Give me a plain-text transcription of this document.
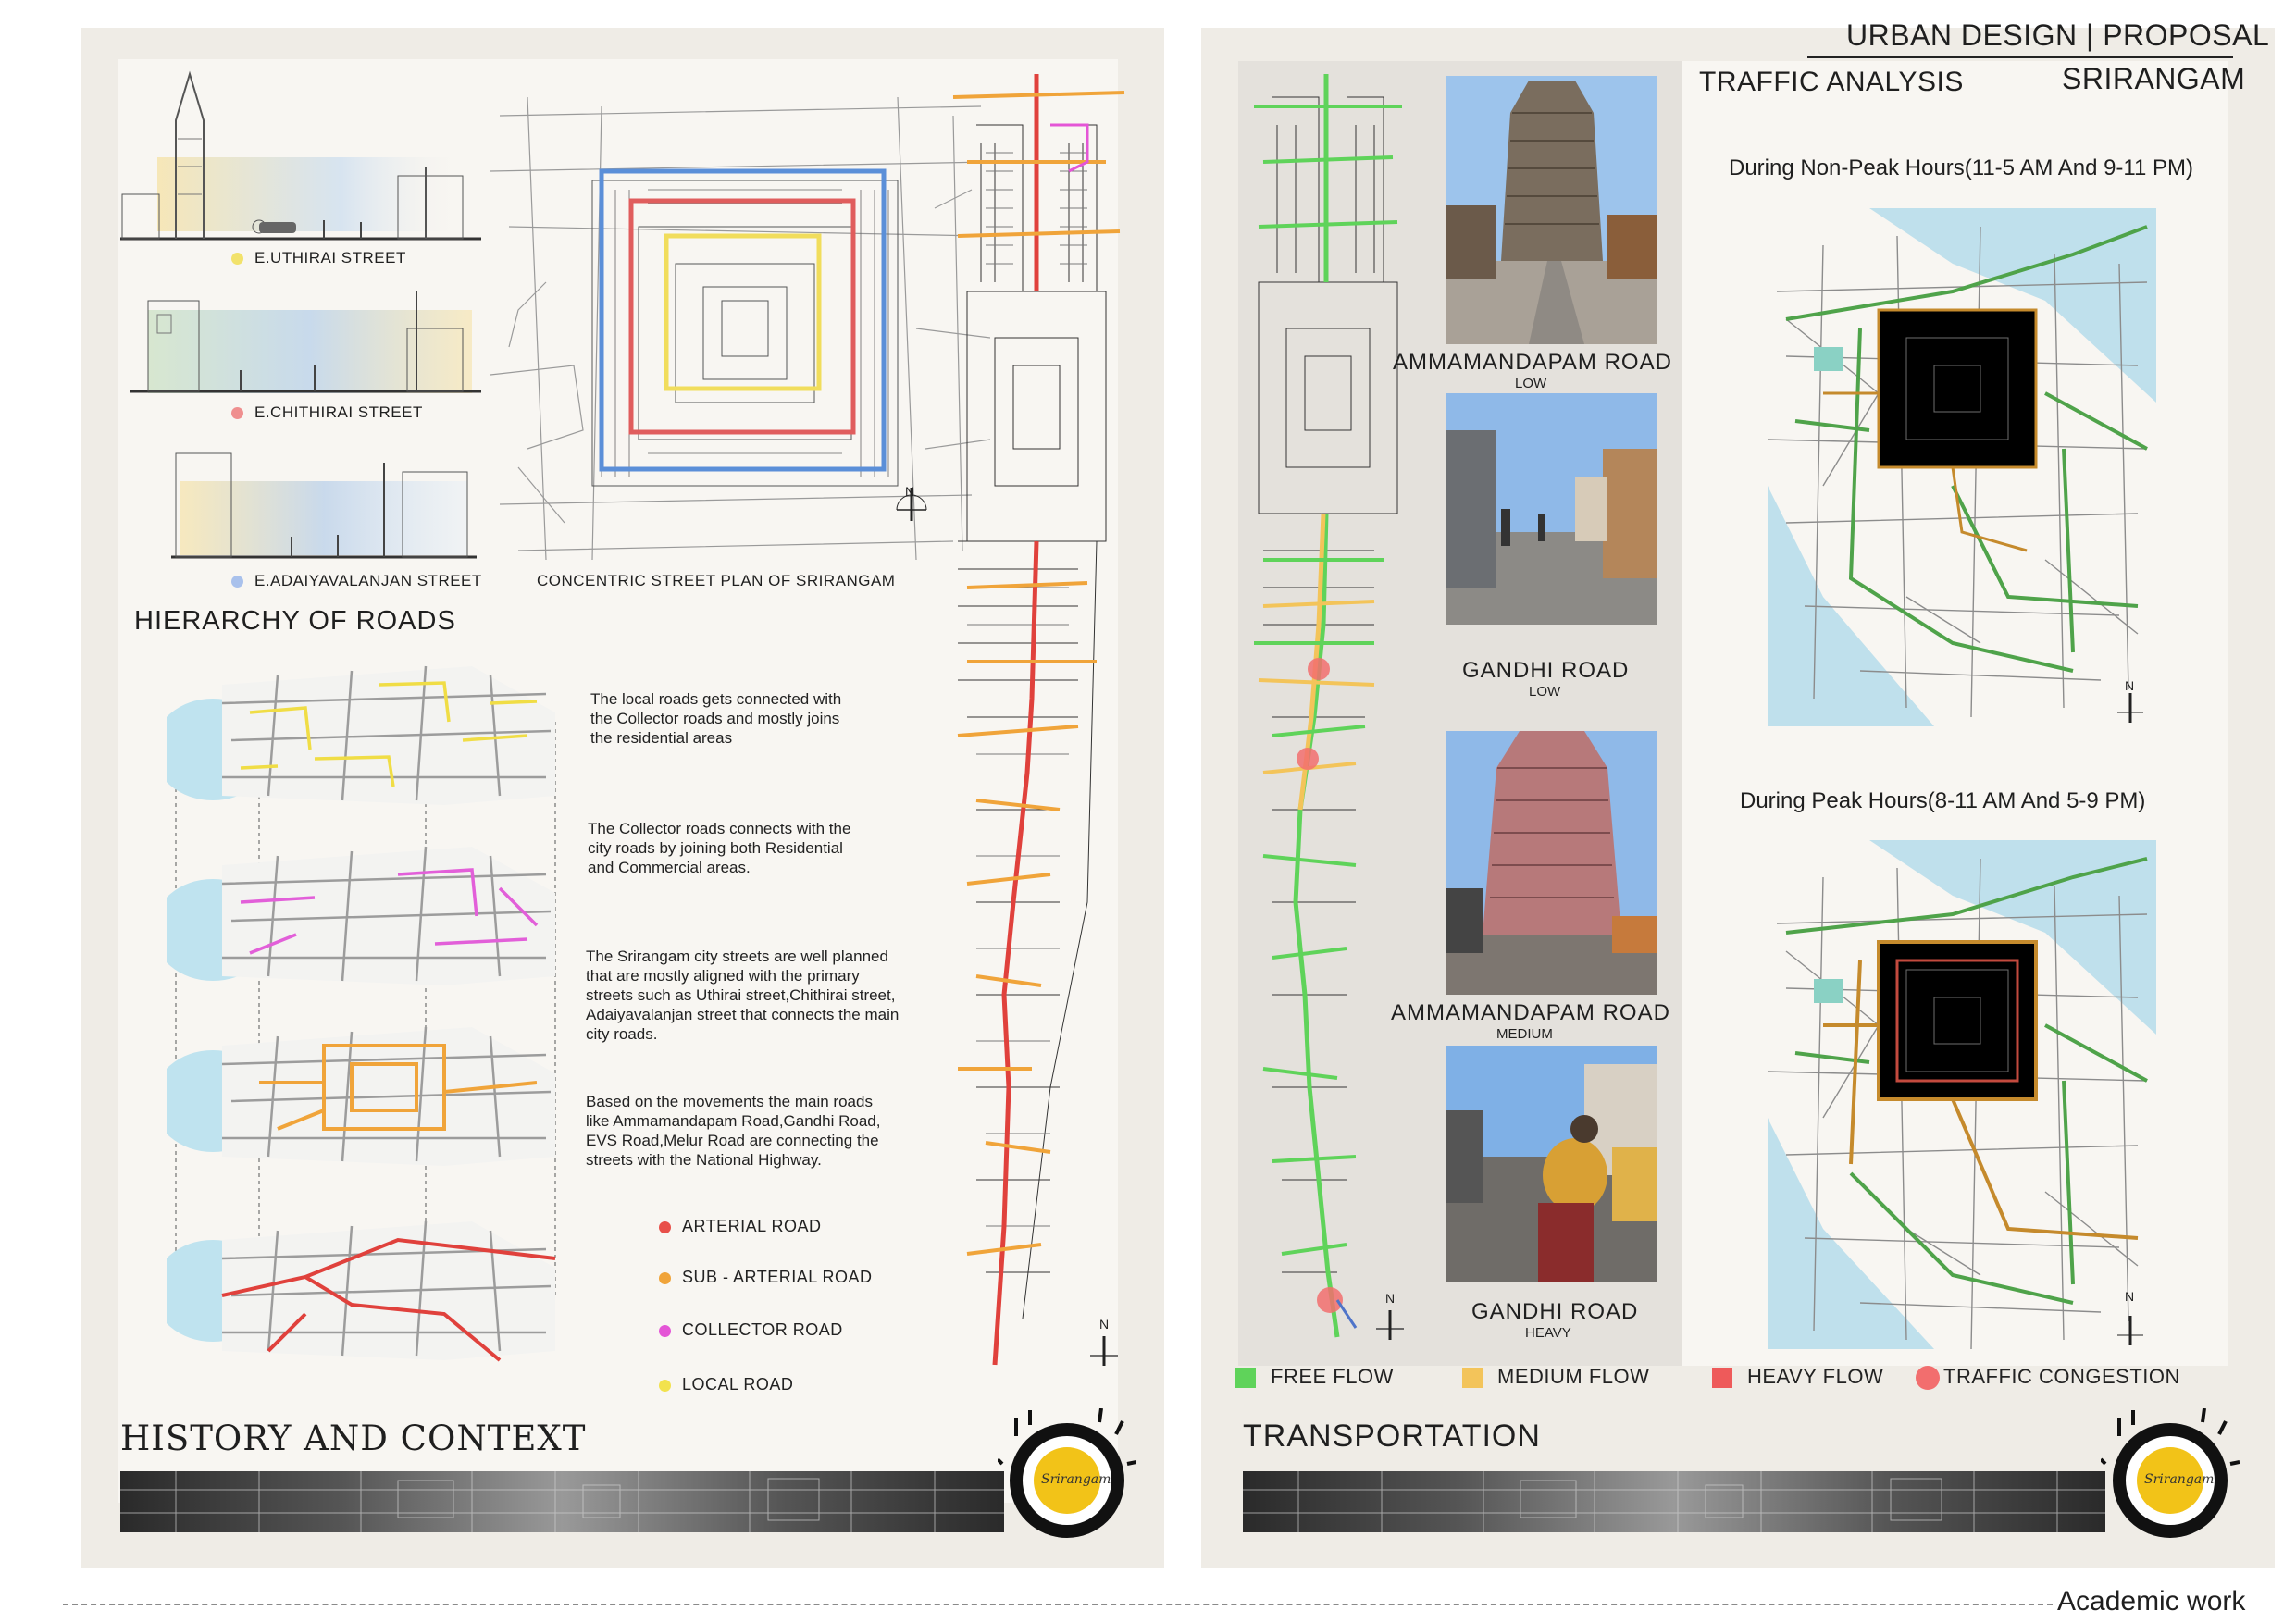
E.UTHIRAI STREET
E.CHITHIRAI STREET
E.ADAIYAVALANJAN STREET
N
CONCENTRIC STREET PLAN OF SRIRANGAM
HIERARCHY OF ROADS
The local roads gets connected with
the Collector roads and mostly joins
the residential areas
The Collector roads connects with the
city roads by joining both Residential
and Commercial areas.
The Srirangam city streets are well planned
that are mostly aligned with the primary
streets such as Uthirai street,Chithirai street,
Adaiyavalanjan street that connects the main
city roads.
Based on the movements the main roads
like Ammamandapam Road,Gandhi Road,
EVS Road,Melur Road are connecting the
streets with the National Highway.
ARTERIAL ROAD
SUB - ARTERIAL ROAD
COLLECTOR ROAD
LOCAL ROAD
N
HISTORY AND CONTEXT
Srirangam
URBAN DESIGN | PROPOSAL
SRIRANGAM
TRAFFIC ANALYSIS
N
AMMAMANDAPAM ROAD
LOW
GANDHI ROAD
LOW
AMMAMANDAPAM ROAD
MEDIUM
GANDHI ROAD
HEAVY
During Non-Peak Hours(11-5 AM And 9-11 PM)
N
During Peak Hours(8-11 AM And 5-9 PM)
N
FREE FLOW	MEDIUM FLOW	HEAVY FLOW	TRAFFIC CONGESTION
TRANSPORTATION
Srirangam
Academic work
